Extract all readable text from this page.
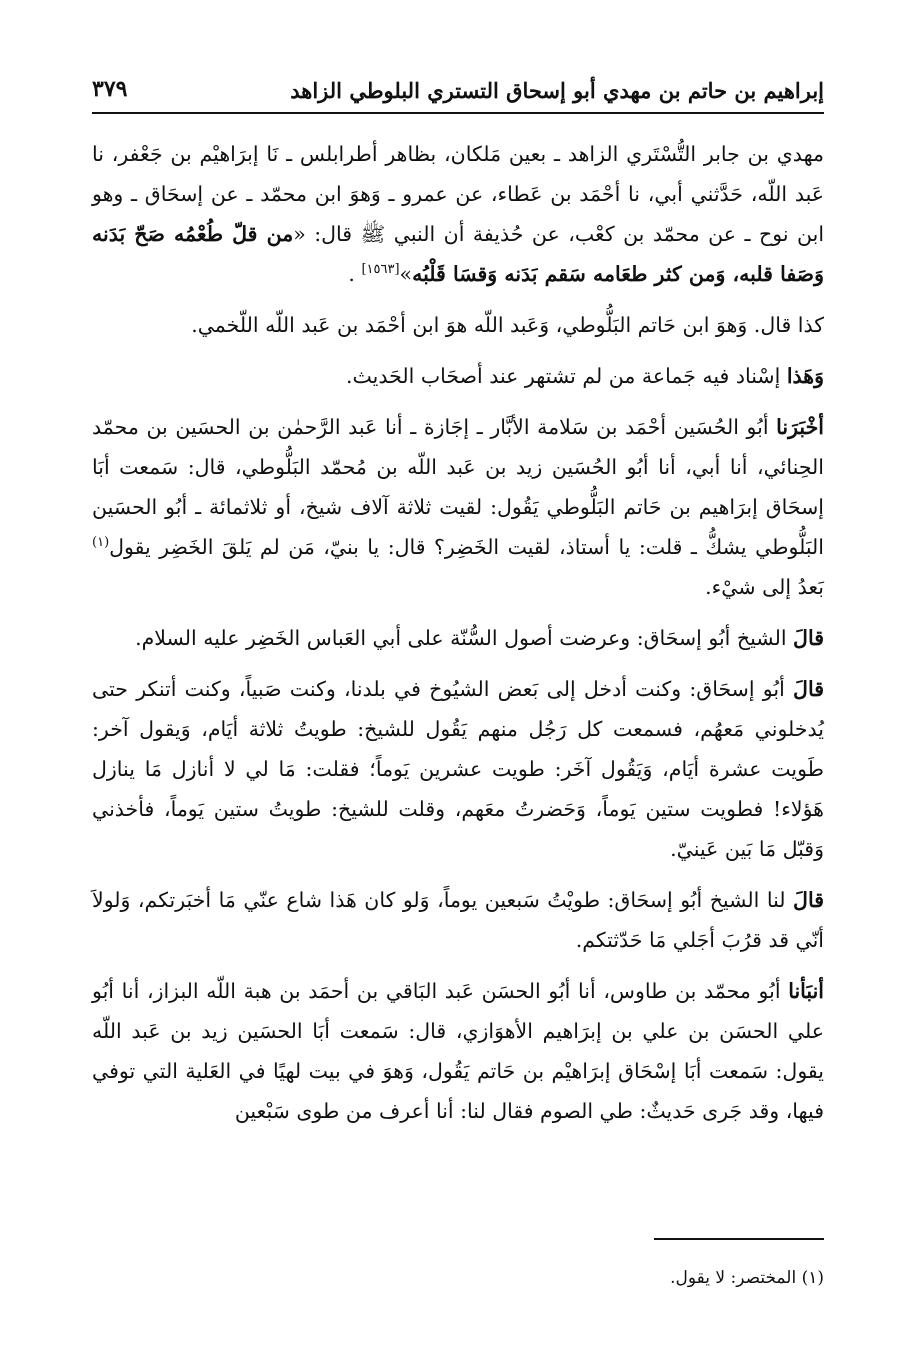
إبراهيم بن حاتم بن مهدي أبو إسحاق التستري البلوطي الزاهد
٣٧٩

مهدي بن جابر التُّسْتَري الزاهد ـ بعين مَلكان، بظاهر أطرابلس ـ نَا إبرَاهيْم بن جَعْفر، نا عَبد اللّه، حَدَّثني أبي، نا أحْمَد بن عَطاء، عن عمرو ـ وَهوَ ابن محمّد ـ عن إسحَاق ـ وهو ابن نوح ـ عن محمّد بن كعْب، عن حُذيفة أن النبي ﷺ قال: «من قلّ طُعْمُه صَحّ بَدَنه وَصَفا قلبه، وَمن كثر طعَامه سَقم بَدَنه وَقسَا قَلْبُه»[١٥٦٣] .

كذا قال. وَهوَ ابن حَاتم البَلُّوطي، وَعَبد اللّه هوَ ابن أحْمَد بن عَبد اللّه اللّخمي.

وَهَذا إسْناد فيه جَماعة من لم تشتهر عند أصحَاب الحَديث.

أخْبَرَنا أبُو الحُسَين أحْمَد بن سَلامة الأبَّار ـ إجَازة ـ أنا عَبد الرَّحمٰن بن الحسَين بن محمّد الحِنائي، أنا أبي، أنا أبُو الحُسَين زيد بن عَبد اللّه بن مُحمّد البَلُّوطي، قال: سَمعت أبَا إسحَاق إبرَاهيم بن حَاتم البَلُّوطي يَقُول: لقيت ثلاثة آلاف شيخ، أو ثلاثمائة ـ أبُو الحسَين البَلُّوطي يشكُّ ـ قلت: يا أستاذ، لقيت الخَضِر؟ قال: يا بنيّ، مَن لم يَلقَ الخَضِر يقول$^{(١)}$ بَعدُ إلى شيْء.

قالَ الشيخ أبُو إسحَاق: وعرضت أصول السُّنّة على أبي العَباس الخَضِر عليه السلام.

قالَ أبُو إسحَاق: وكنت أدخل إلى بَعض الشيُوخ في بلدنا، وكنت صَبياً، وكنت أتنكر حتى يُدخلوني مَعهُم، فسمعت كل رَجُل منهم يَقُول للشيخ: طويتُ ثلاثة أيَام، وَيقول آخر: طَويت عشرة أيَام، وَيَقُول آخَر: طويت عشرين يَوماً؛ فقلت: مَا لي لا أنازل مَا ينازل هَؤلاء! فطويت ستين يَوماً، وَحَضرتُ معَهم، وقلت للشيخ: طويتُ ستين يَوماً، فأخذني وَقبّل مَا بَين عَينيّ.

قالَ لنا الشيخ أبُو إسحَاق: طويْتُ سَبعين يوماً، وَلو كان هَذا شاع عنّي مَا أخبَرتكم، وَلولاَ أنّي قد قرُبَ أجَلي مَا حَدّثتكم.

أنبَأنا أبُو محمّد بن طاوس، أنا أبُو الحسَن عَبد البَاقي بن أحمَد بن هبة اللّه البزاز، أنا أبُو علي الحسَن بن علي بن إبرَاهيم الأهوَازي، قال: سَمعت أبَا الحسَين زيد بن عَبد اللّه يقول: سَمعت أبَا إسْحَاق إبرَاهيْم بن حَاتم يَقُول، وَهوَ في بيت لهيًا في العَلية التي توفي فيها، وقد جَرى حَديثٌ: طي الصوم فقال لنا: أنا أعرف من طوى سَبْعين

(١) المختصر: لا يقول.
